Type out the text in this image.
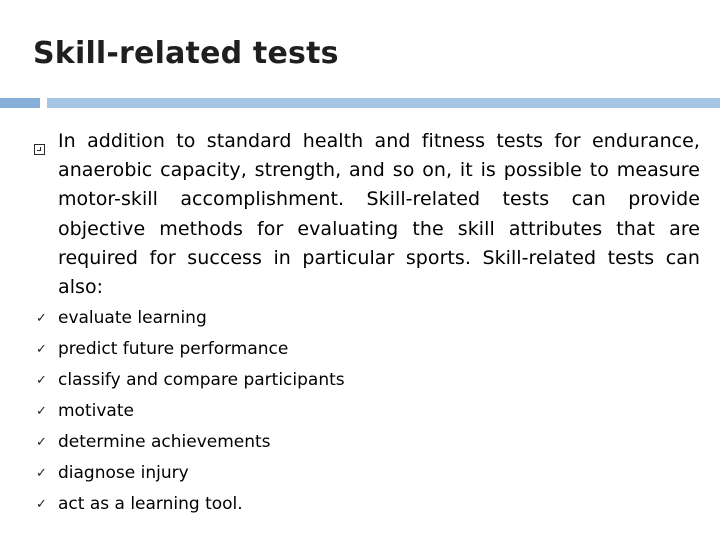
Skill-related tests

In addition to standard health and fitness tests for endurance, anaerobic capacity, strength, and so on, it is possible to measure motor-skill accomplishment. Skill-related tests can provide objective methods for evaluating the skill attributes that are required for success in particular sports. Skill-related tests can also:

✓ evaluate learning
✓ predict future performance
✓ classify and compare participants
✓ motivate
✓ determine achievements
✓ diagnose injury
✓ act as a learning tool.
